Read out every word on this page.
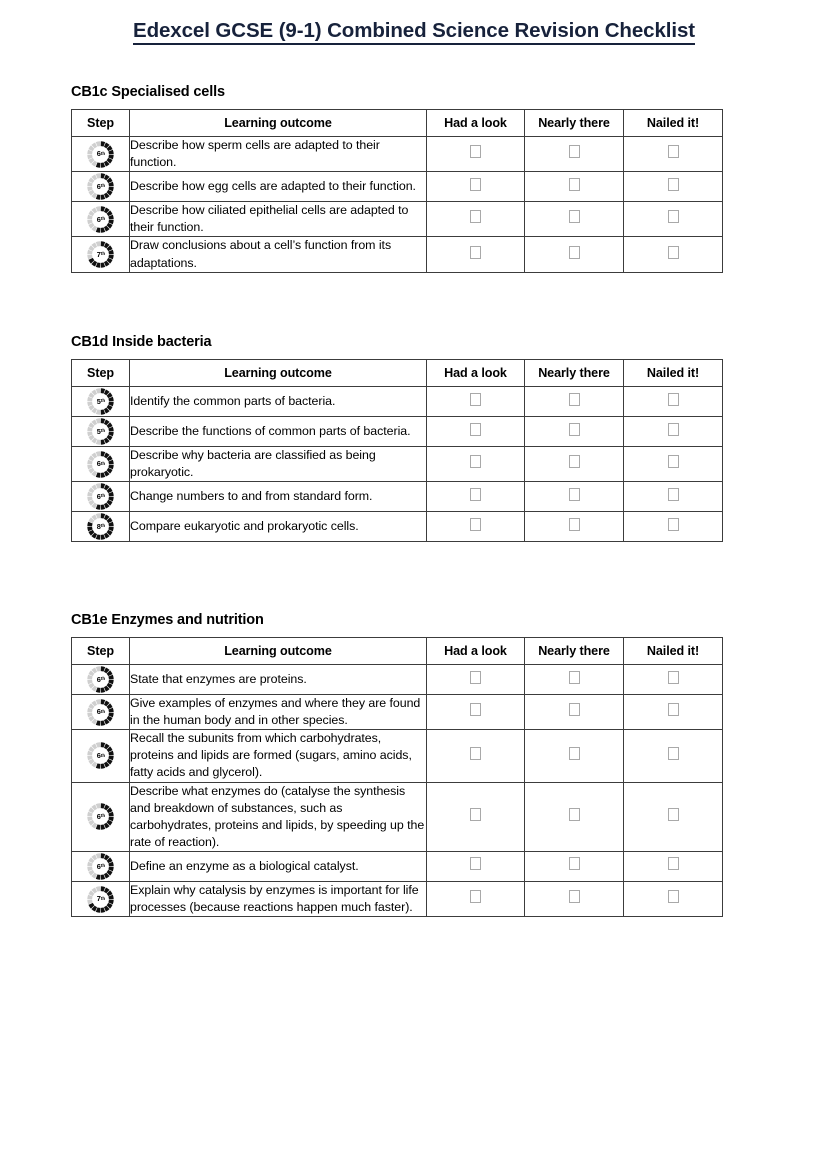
Edexcel GCSE (9-1) Combined Science Revision Checklist
CB1c Specialised cells
Step	Learning outcome	Had a look	Nearly there	Nailed it!

6 th	Describe how sperm cells are adapted to their function.			

6 th	Describe how egg cells are adapted to their function.			

6 th	Describe how ciliated epithelial cells are adapted to their function.			

7 th	Draw conclusions about a cell’s function from its adaptations.			
CB1d Inside bacteria
Step	Learning outcome	Had a look	Nearly there	Nailed it!

5 th	Identify the common parts of bacteria.			

5 th	Describe the functions of common parts of bacteria.			

6 th	Describe why bacteria are classified as being prokaryotic.			

6 th	Change numbers to and from standard form.			

8 th	Compare eukaryotic and prokaryotic cells.			
CB1e Enzymes and nutrition
Step	Learning outcome	Had a look	Nearly there	Nailed it!

6 th	State that enzymes are proteins.			

6 th	Give examples of enzymes and where they are found in the human body and in other species.			

6 th	Recall the subunits from which carbohydrates, proteins and lipids are formed (sugars, amino acids, fatty acids and glycerol).			

6 th	Describe what enzymes do (catalyse the synthesis and breakdown of substances, such as carbohydrates, proteins and lipids, by speeding up the rate of reaction).			

6 th	Define an enzyme as a biological catalyst.			

7 th	Explain why catalysis by enzymes is important for life processes (because reactions happen much faster).			
